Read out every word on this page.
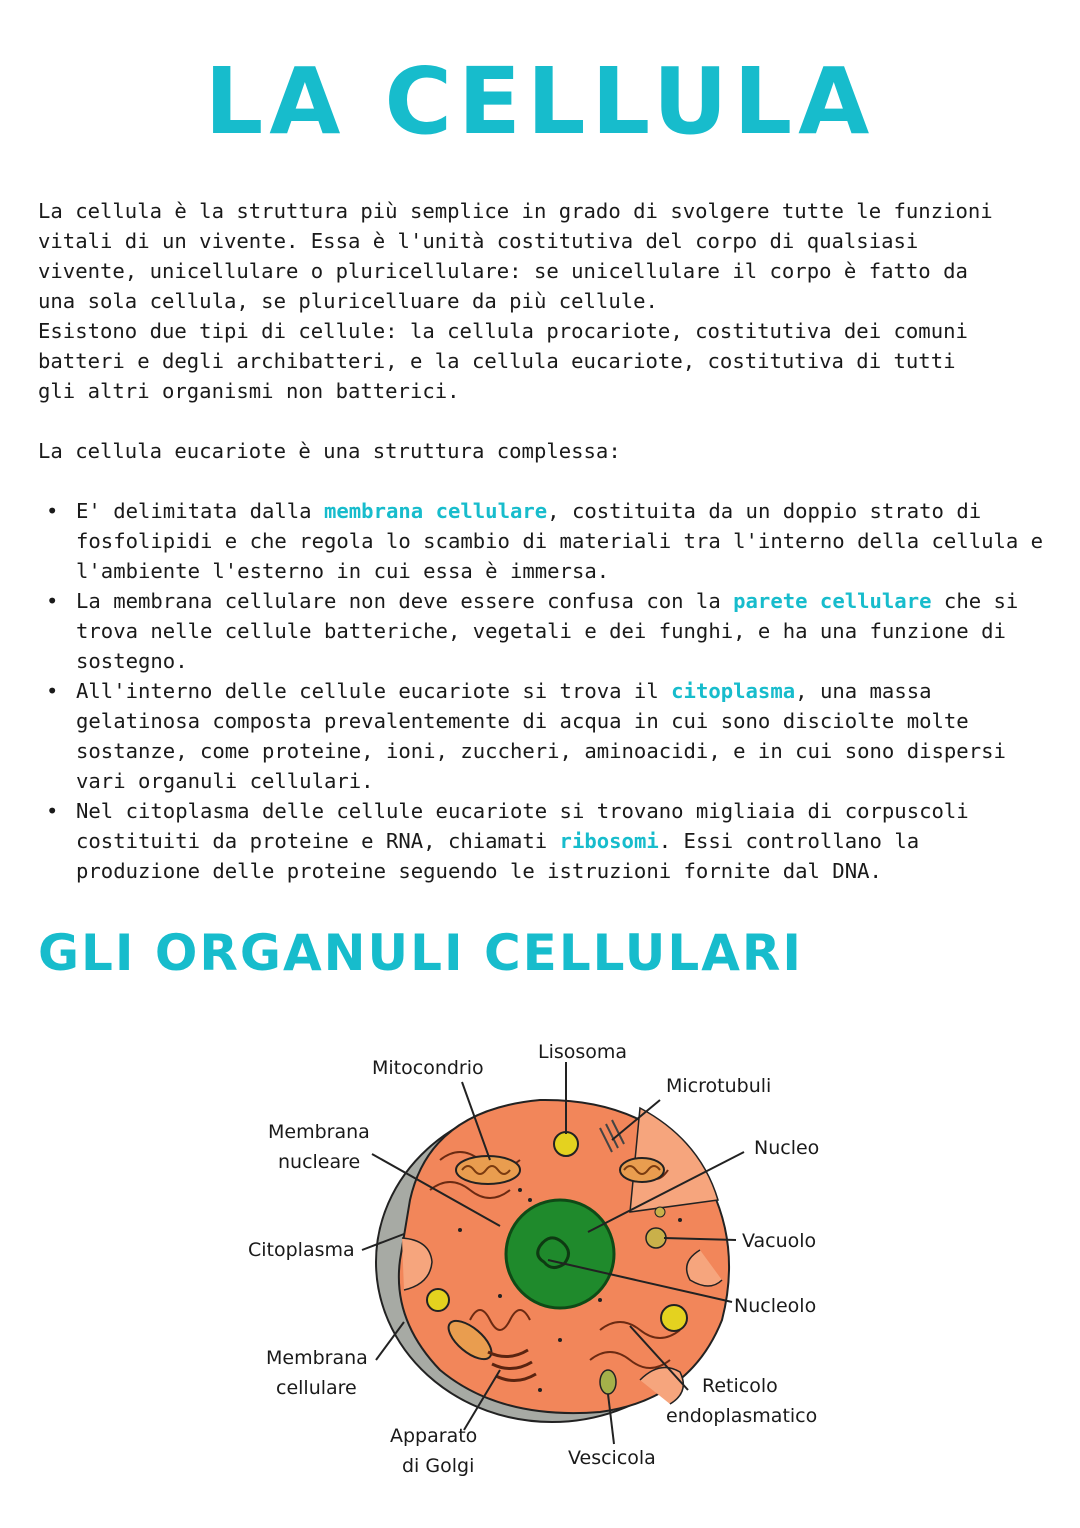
LA CELLULA

La cellula è la struttura più semplice in grado di svolgere tutte le funzioni
vitali di un vivente. Essa è l'unità costitutiva del corpo di qualsiasi
vivente, unicellulare o pluricellulare: se unicellulare il corpo è fatto da
una sola cellula, se pluricelluare da più cellule.
Esistono due tipi di cellule: la cellula procariote, costitutiva dei comuni
batteri e degli archibatteri, e la cellula eucariote, costitutiva di tutti
gli altri organismi non batterici.

La cellula eucariote è una struttura complessa:

• E' delimitata dalla membrana cellulare, costituita da un doppio strato di fosfolipidi e che regola lo scambio di materiali tra l'interno della cellula e l'ambiente l'esterno in cui essa è immersa.
• La membrana cellulare non deve essere confusa con la parete cellulare che si trova nelle cellule batteriche, vegetali e dei funghi, e ha una funzione di sostegno.
• All'interno delle cellule eucariote si trova il citoplasma, una massa gelatinosa composta prevalentemente di acqua in cui sono disciolte molte sostanze, come proteine, ioni, zuccheri, aminoacidi, e in cui sono dispersi vari organuli cellulari.
• Nel citoplasma delle cellule eucariote si trovano migliaia di corpuscoli costituiti da proteine e RNA, chiamati ribosomi. Essi controllano la produzione delle proteine seguendo le istruzioni fornite dal DNA.
GLI ORGANULI CELLULARI
Mitocondrio
Lisosoma
Microtubuli
Membrana
nucleare
Nucleo
Citoplasma	Vacuolo
Nucleolo
Membrana
cellulare	Reticolo
endoplasmatico
Apparato
di Golgi	Vescicola
